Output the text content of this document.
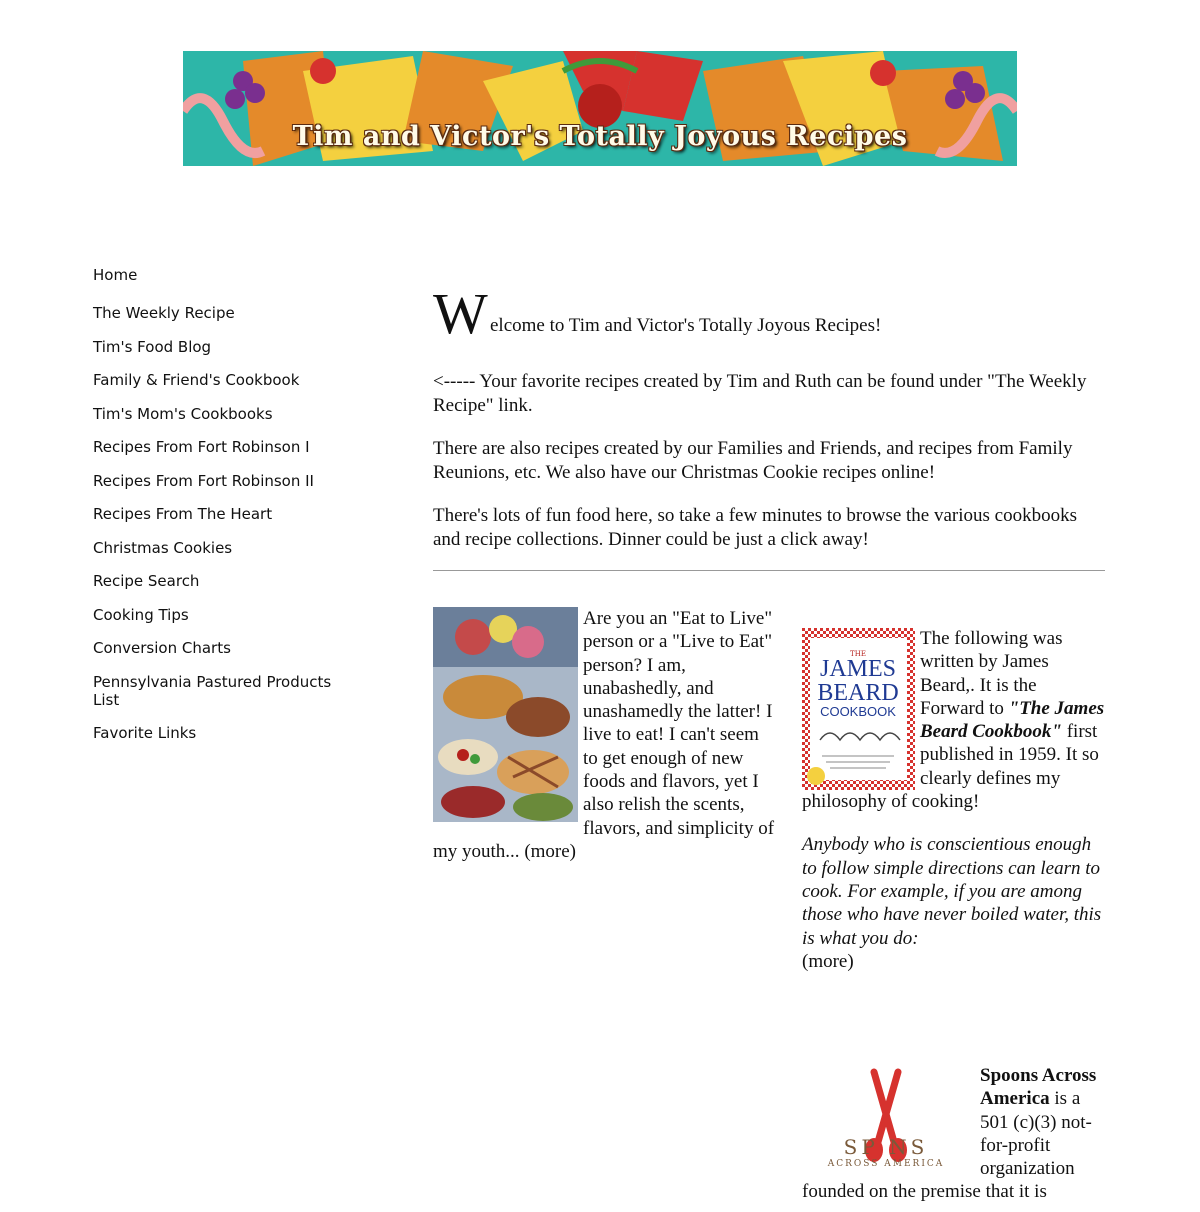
Tim and Victor's Totally Joyous Recipes
Home
The Weekly Recipe
Tim's Food Blog
Family & Friend's Cookbook
Tim's Mom's Cookbooks
Recipes From Fort Robinson I
Recipes From Fort Robinson II
Recipes From The Heart
Christmas Cookies
Recipe Search
Cooking Tips
Conversion Charts
Pennsylvania Pastured Products List
Favorite Links
W elcome to Tim and Victor's Totally Joyous Recipes!

<----- Your favorite recipes created by Tim and Ruth can be found under "The Weekly Recipe" link.

There are also recipes created by our Families and Friends, and recipes from Family Reunions, etc. We also have our Christmas Cookie recipes online!

There's lots of fun food here, so take a few minutes to browse the various cookbooks and recipe collections. Dinner could be just a click away!

Are you an "Eat to Live" person or a "Live to Eat" person? I am, unabashedly, and unashamedly the latter! I live to eat! I can't seem to get enough of new foods and flavors, yet I also relish the scents, flavors, and simplicity of my youth... (more)
THE
JAMES
BEARD
COOKBOOK
The following was written by James Beard,. It is the Forward to "The James Beard Cookbook" first published in 1959. It so clearly defines my philosophy of cooking!

Anybody who is conscientious enough to follow simple directions can learn to cook. For example, if you are among those who have never boiled water, this is what you do:
(more)

SP NS
ACROSS AMERICA
Spoons Across America is a 501 (c)(3) not-for-profit organization founded on the premise that it is
